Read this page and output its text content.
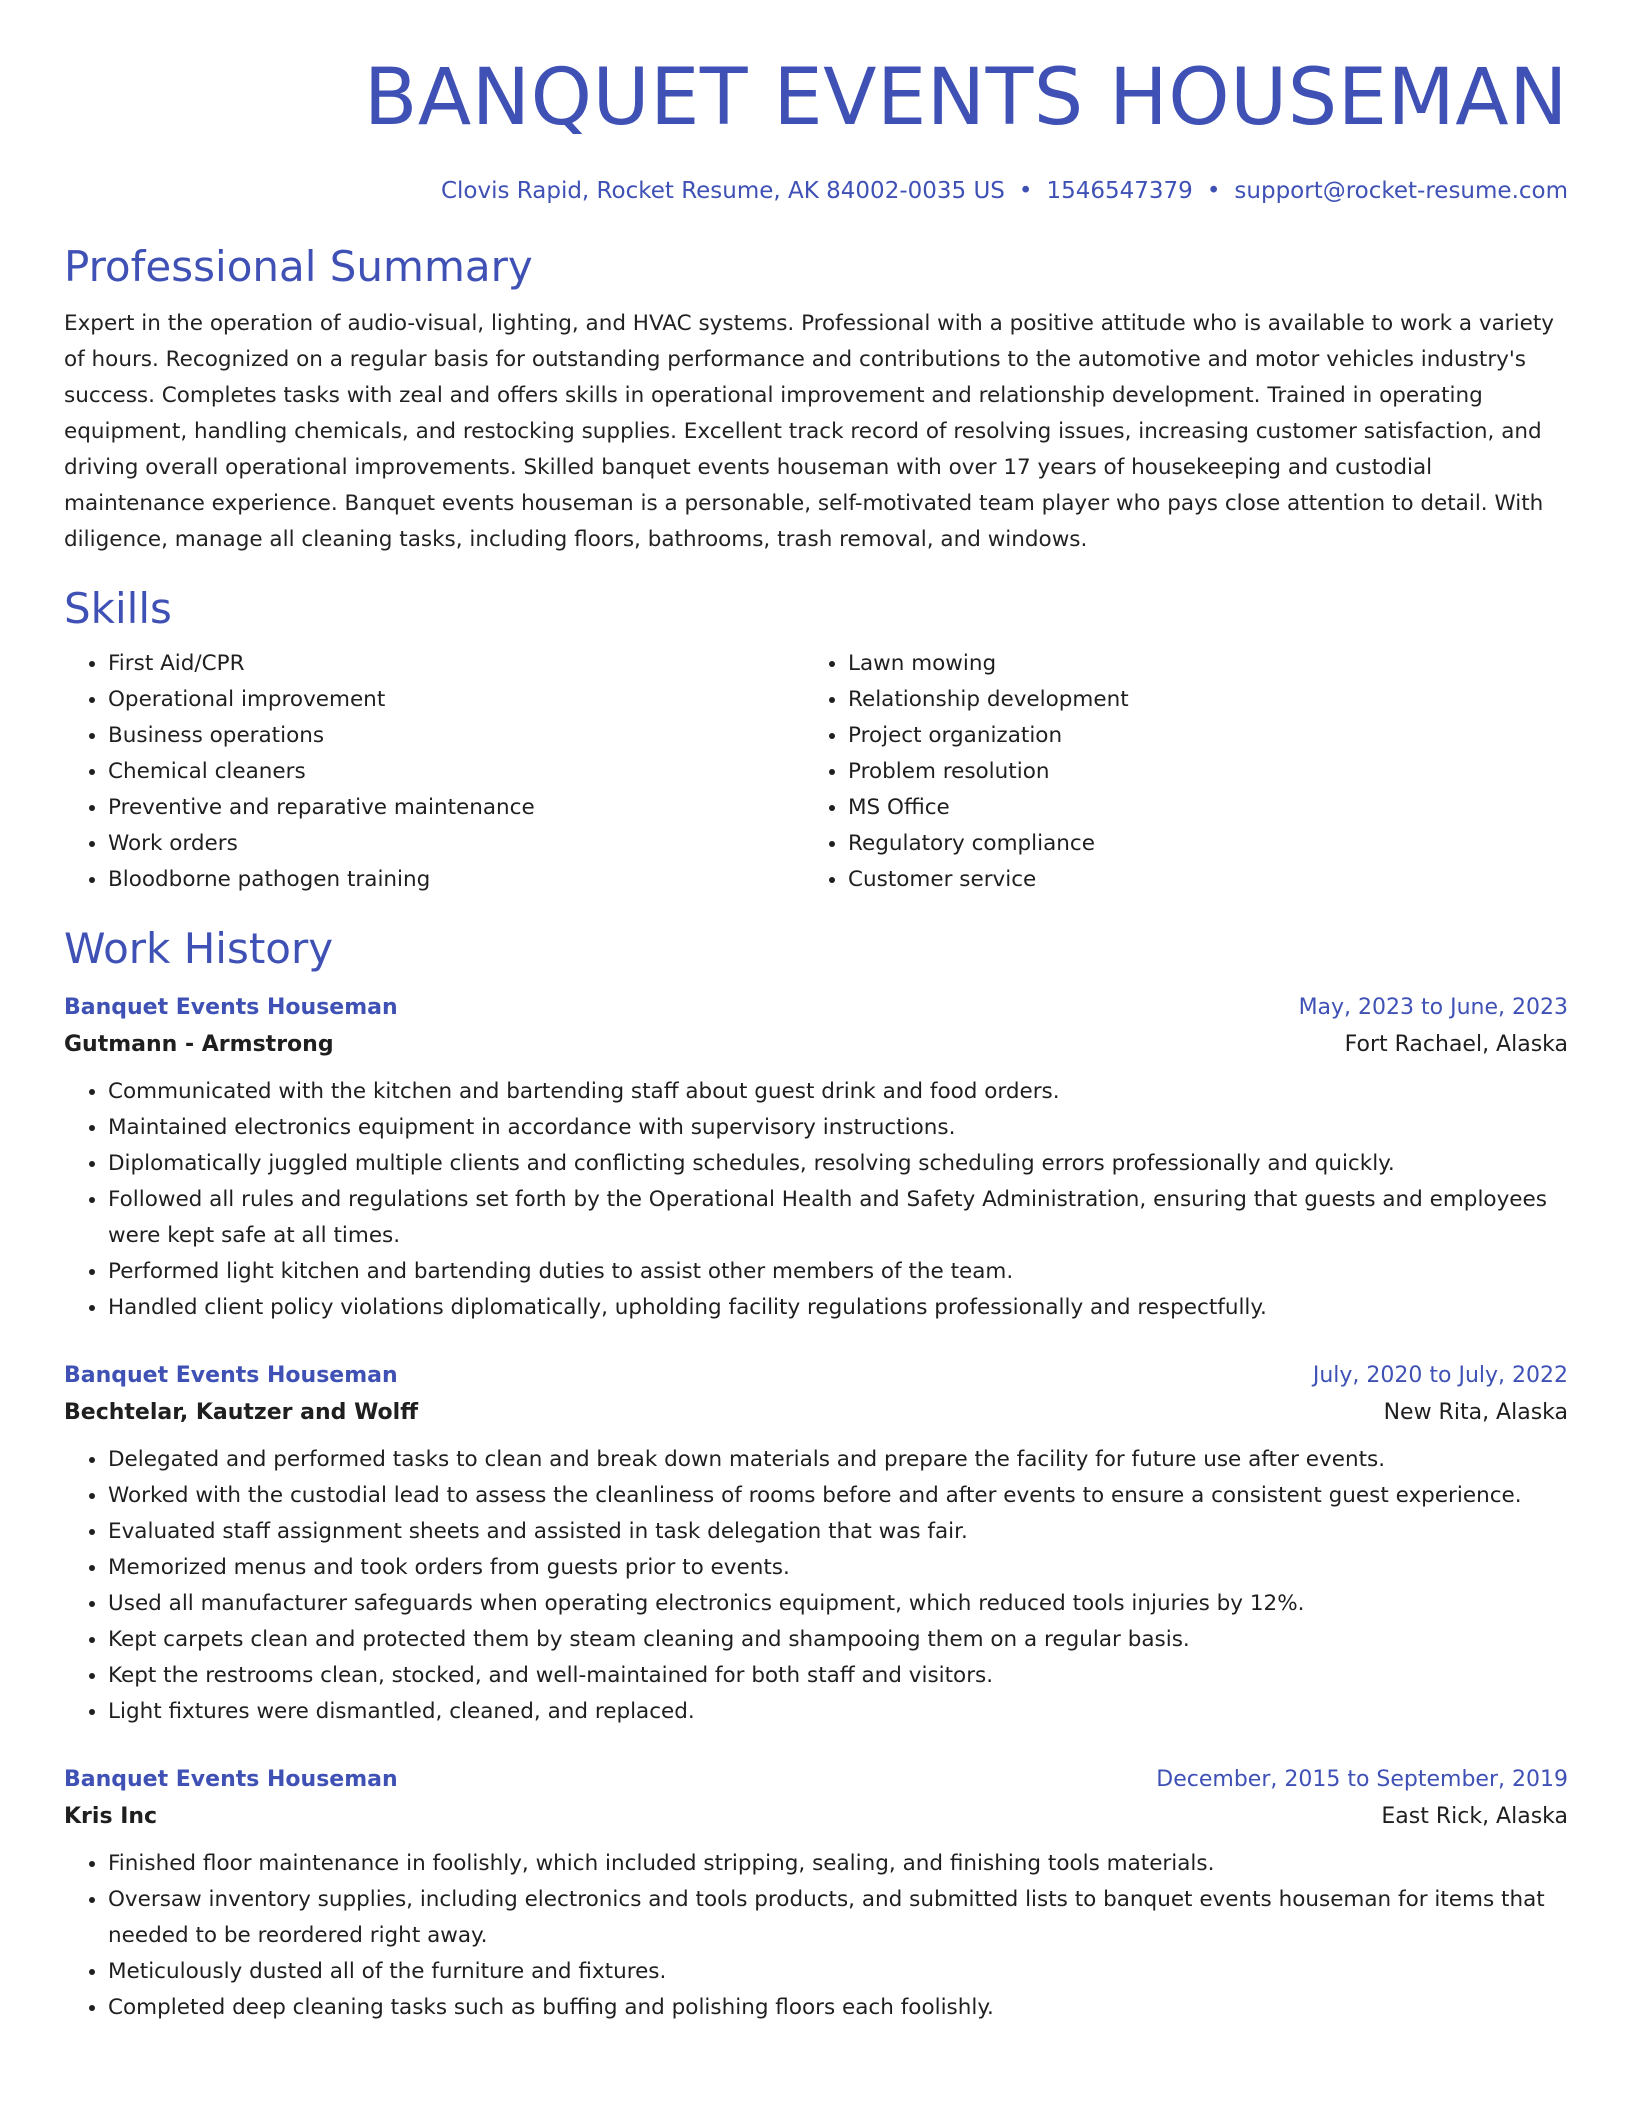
BANQUET EVENTS HOUSEMAN
Clovis Rapid, Rocket Resume, AK 84002-0035 US • 1546547379 • support@rocket-resume.com
Professional Summary
Expert in the operation of audio-visual, lighting, and HVAC systems. Professional with a positive attitude who is available to work a variety of hours. Recognized on a regular basis for outstanding performance and contributions to the automotive and motor vehicles industry's success. Completes tasks with zeal and offers skills in operational improvement and relationship development. Trained in operating equipment, handling chemicals, and restocking supplies. Excellent track record of resolving issues, increasing customer satisfaction, and driving overall operational improvements. Skilled banquet events houseman with over 17 years of housekeeping and custodial maintenance experience. Banquet events houseman is a personable, self-motivated team player who pays close attention to detail. With diligence, manage all cleaning tasks, including floors, bathrooms, trash removal, and windows.
Skills
• First Aid/CPR
• Operational improvement
• Business operations
• Chemical cleaners
• Preventive and reparative maintenance
• Work orders
• Bloodborne pathogen training
• Lawn mowing
• Relationship development
• Project organization
• Problem resolution
• MS Office
• Regulatory compliance
• Customer service
Work History
Banquet Events Houseman	May, 2023 to June, 2023
Gutmann - Armstrong	Fort Rachael, Alaska
• Communicated with the kitchen and bartending staff about guest drink and food orders.
• Maintained electronics equipment in accordance with supervisory instructions.
• Diplomatically juggled multiple clients and conflicting schedules, resolving scheduling errors professionally and quickly.
• Followed all rules and regulations set forth by the Operational Health and Safety Administration, ensuring that guests and employees were kept safe at all times.
• Performed light kitchen and bartending duties to assist other members of the team.
• Handled client policy violations diplomatically, upholding facility regulations professionally and respectfully.
Banquet Events Houseman	July, 2020 to July, 2022
Bechtelar, Kautzer and Wolff	New Rita, Alaska
• Delegated and performed tasks to clean and break down materials and prepare the facility for future use after events.
• Worked with the custodial lead to assess the cleanliness of rooms before and after events to ensure a consistent guest experience.
• Evaluated staff assignment sheets and assisted in task delegation that was fair.
• Memorized menus and took orders from guests prior to events.
• Used all manufacturer safeguards when operating electronics equipment, which reduced tools injuries by 12%.
• Kept carpets clean and protected them by steam cleaning and shampooing them on a regular basis.
• Kept the restrooms clean, stocked, and well-maintained for both staff and visitors.
• Light fixtures were dismantled, cleaned, and replaced.
Banquet Events Houseman	December, 2015 to September, 2019
Kris Inc	East Rick, Alaska
• Finished floor maintenance in foolishly, which included stripping, sealing, and finishing tools materials.
• Oversaw inventory supplies, including electronics and tools products, and submitted lists to banquet events houseman for items that needed to be reordered right away.
• Meticulously dusted all of the furniture and fixtures.
• Completed deep cleaning tasks such as buffing and polishing floors each foolishly.
